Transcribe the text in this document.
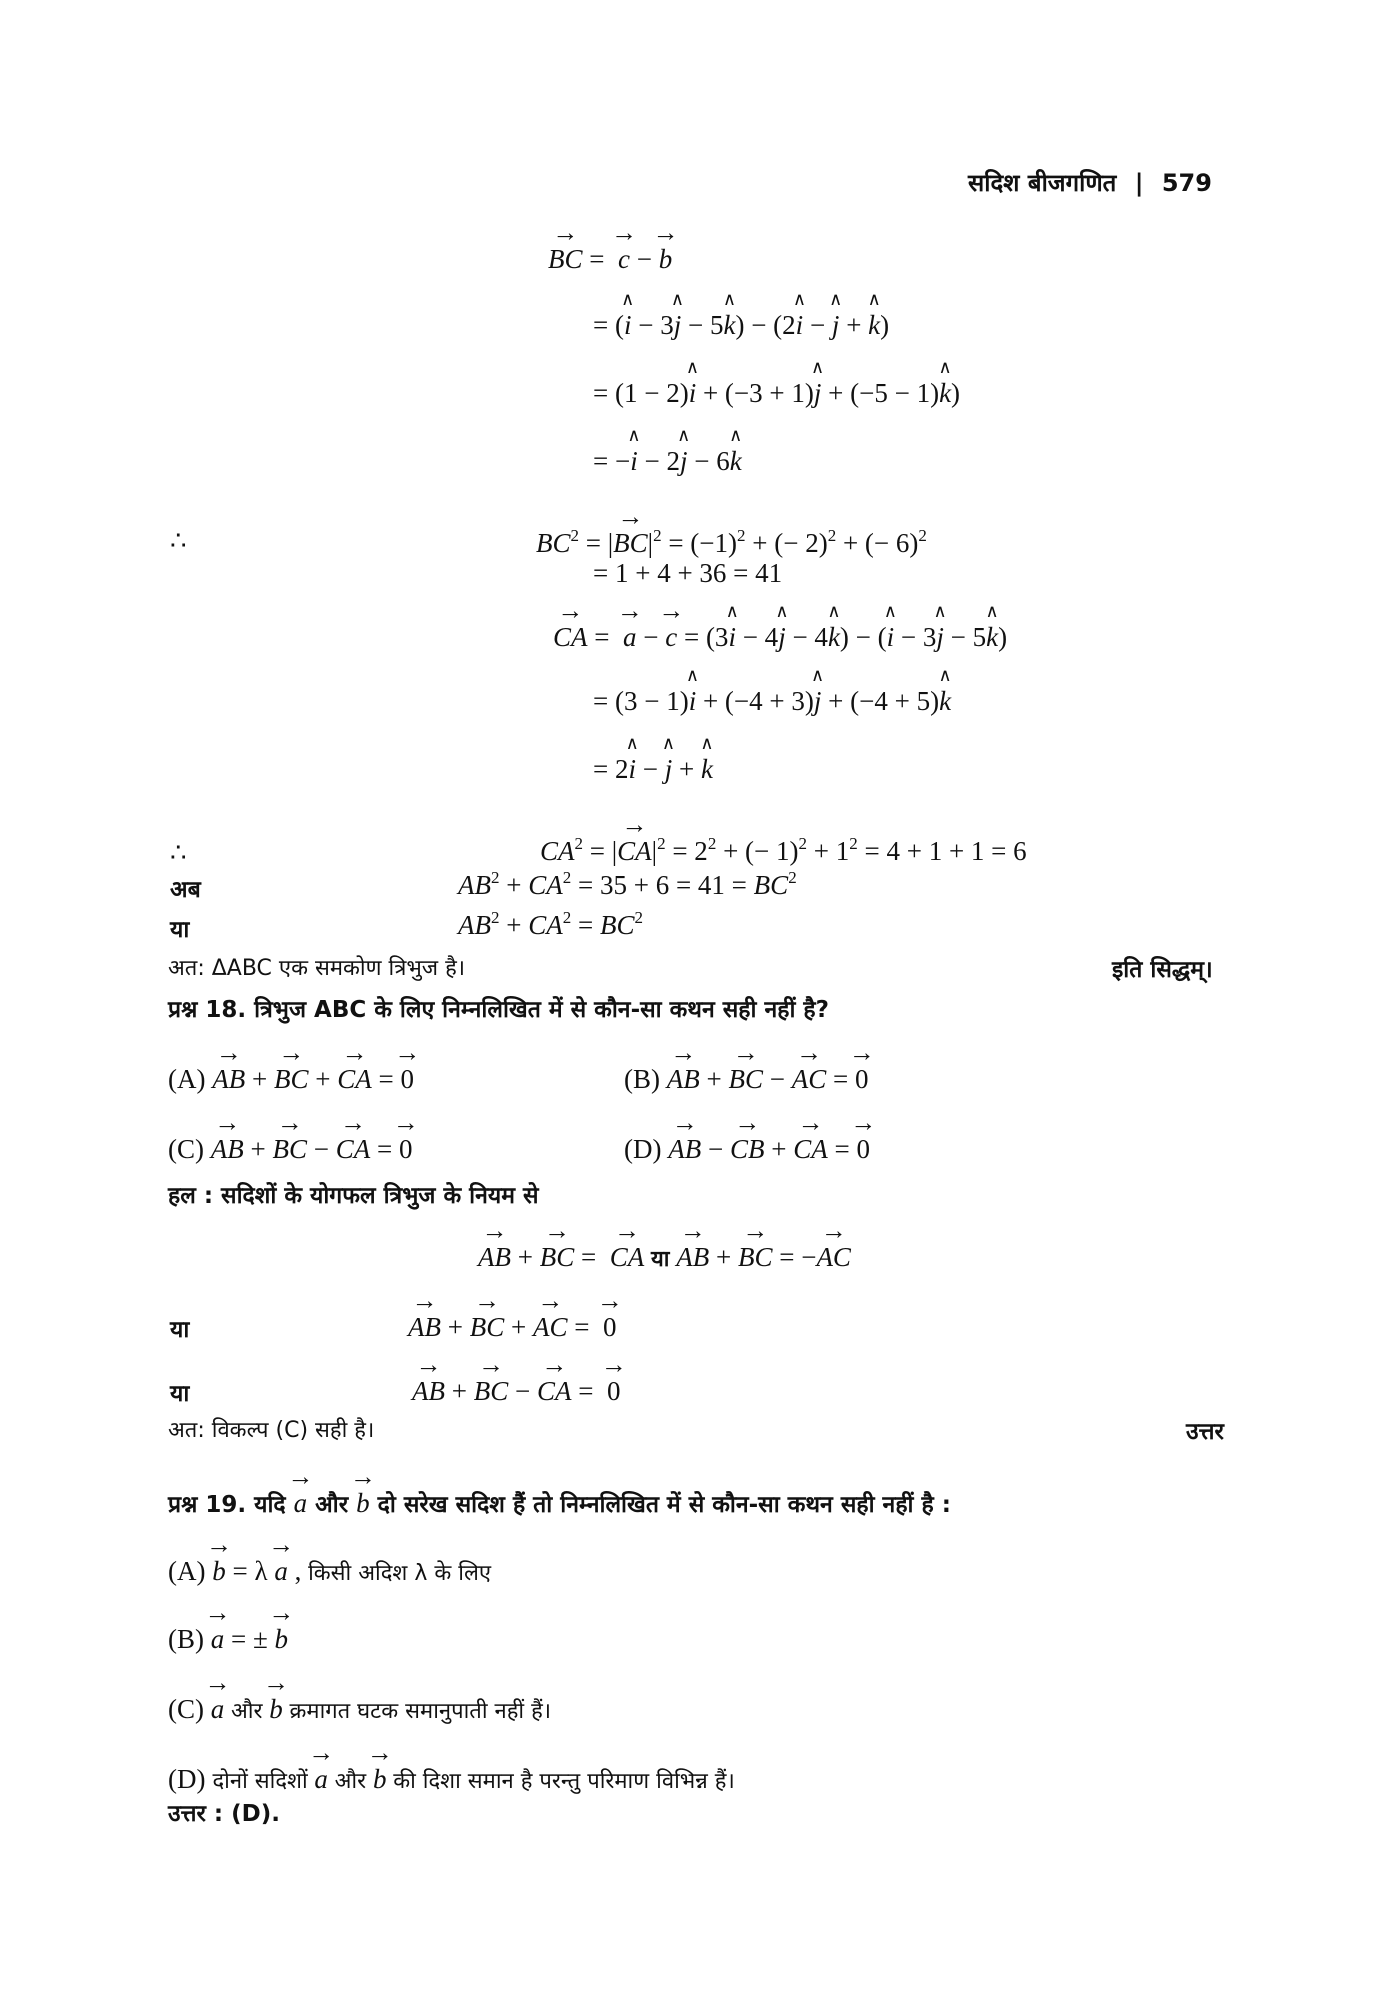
सदिश बीजगणित | 579
→ BC =  → c − → b
= (∧ i − 3∧ j − 5∧ k) − (2∧ i − ∧ j + ∧ k)
= (1 − 2)∧ i + (−3 + 1)∧ j + (−5 − 1)∧ k)
= −∧ i − 2∧ j − 6∧ k
∴	$BC^2$ = |→ $BC|^2 = (-1)^2$ + (− 2)$^2$ + (− 6)$^2$
= 1 + 4 + 36 = 41
→ CA =  → a − → c = (3∧ i − 4∧ j − 4∧ k) − (∧ i − 3∧ j − 5∧ k)
= (3 − 1)∧ i + (−4 + 3)∧ j + (−4 + 5)∧ k
= 2∧ i − ∧ j + ∧ k
∴	$CA^2$ = |→ $CA|^2 = 2^2$ + (− $1)^2 + 1^2 = 4 + 1 + 1 = 6$
अब	$AB^2 + CA^2 = 35 + 6 = 41 = BC^2$
या	$AB^2 + CA^2 = BC^2$
अत: ΔABC एक समकोण त्रिभुज है।	इति सिद्धम्।
प्रश्न 18. त्रिभुज ABC के लिए निम्नलिखित में से कौन-सा कथन सही नहीं है?
(A) → AB + → BC + → CA = → 0	(B) → AB + → BC − → AC = → 0
(C) → AB + → BC − → CA = → 0	(D) → AB − → CB + → CA = → 0
हल : सदिशों के योगफल त्रिभुज के नियम से
→ AB + → BC =  → CA या → AB + → BC = −→ AC
या	→ AB + → BC + → AC =  → 0
या	→ AB + → BC − → CA =  → 0
अत: विकल्प (C) सही है।	उत्तर
प्रश्न 19. यदि → a और → b दो सरेख सदिश हैं तो निम्नलिखित में से कौन-सा कथन सही नहीं है :
(A) → b = λ → a , किसी अदिश λ के लिए
(B) → a = ± → b
(C) → a और → b क्रमागत घटक समानुपाती नहीं हैं।
(D) दोनों सदिशों → a और → b की दिशा समान है परन्तु परिमाण विभिन्न हैं।
उत्तर : (D).
